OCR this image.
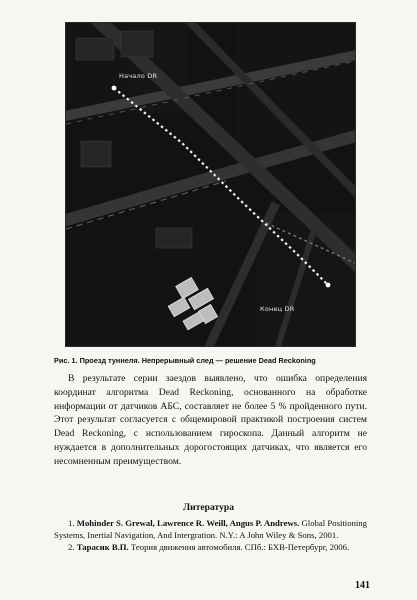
Начало DR
Конец DR
Рис. 1. Проезд туннеля. Непрерывный след — решение Dead Reckoning

В результате серии заездов выявлено, что ошибка определения координат алгоритма Dead Reckoning, основанного на обработке информации от датчиков АБС, составляет не более 5 % пройденного пути. Этот результат согласуется с общемировой практикой построения систем Dead Reckoning, с использованием гироскопа. Данный алгоритм не нуждается в дополнительных дорогостоящих датчиках, что является его несомненным преимуществом.

Литература
1. Mohinder S. Grewal, Lawrence R. Weill, Angus P. Andrews. Global Positioning Systems, Inertial Navigation, And Intergration. N.Y.: A John Wiley & Sons, 2001.
2. Тарасик В.П. Теория движения автомобиля. СПб.: БХВ-Петербург, 2006.
141
